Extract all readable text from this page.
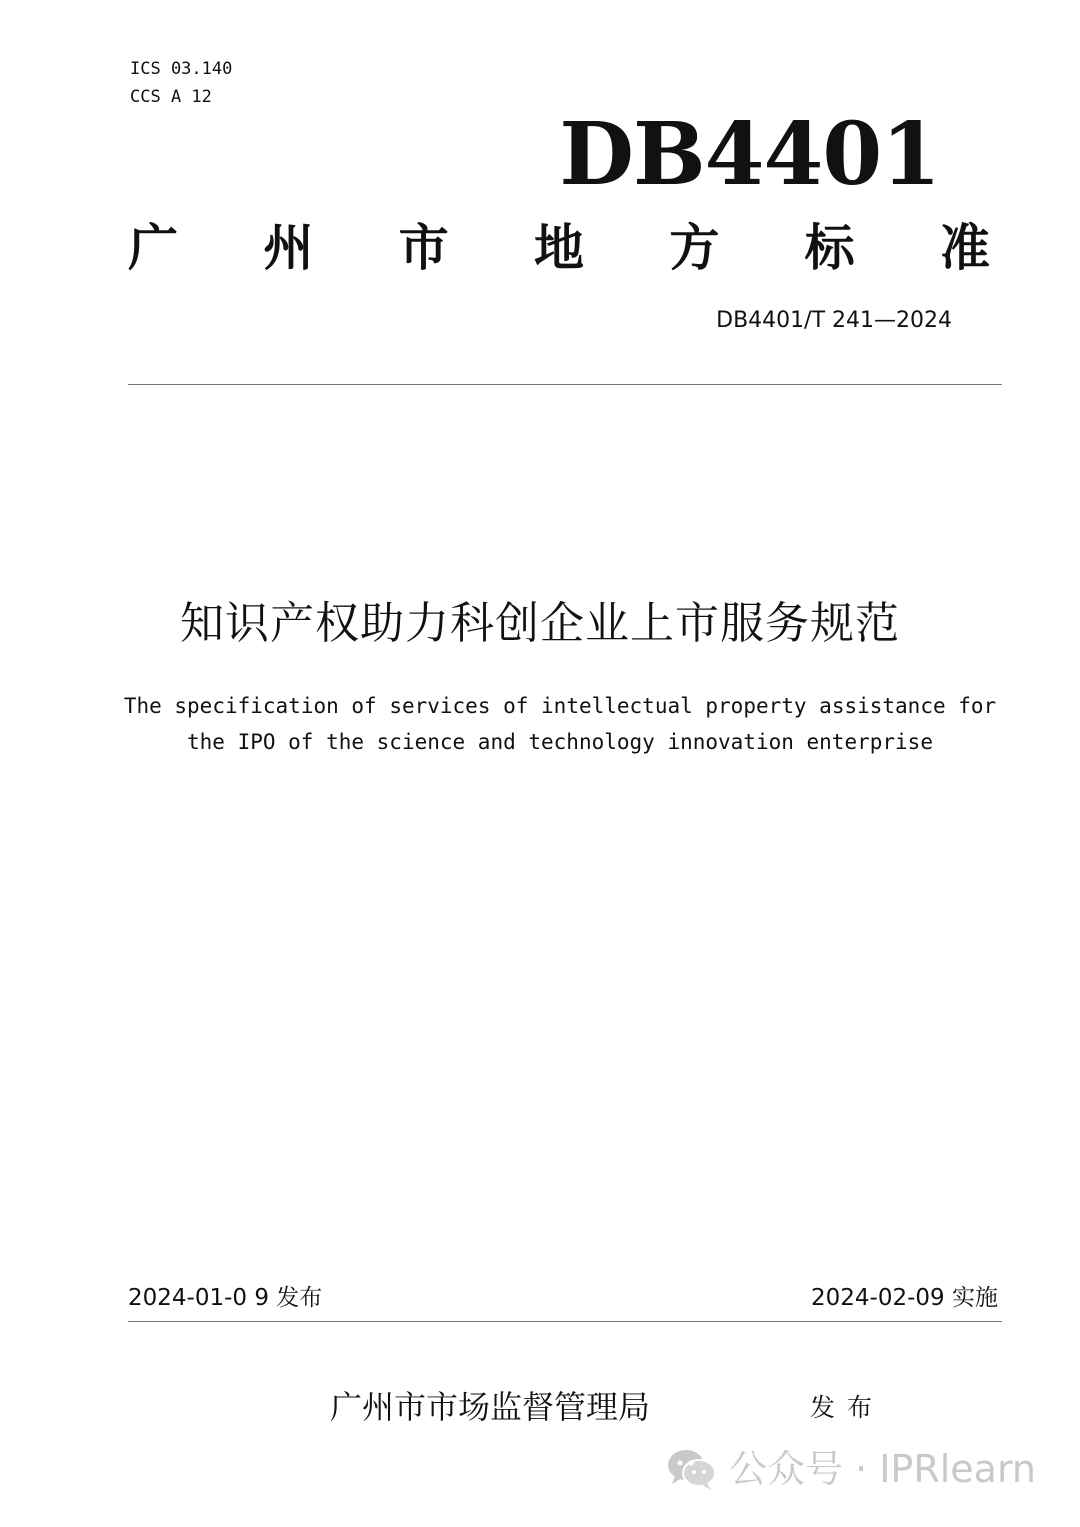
ICS 03.140
CCS A 12
DB4401
广 州 市 地 方 标 准
DB4401/T 241—2024
知识产权助力科创企业上市服务规范
The specification of services of intellectual property assistance for
the IPO of the science and technology innovation enterprise
2024-01-0 9 发布	2024-02-09 实施
广州市市场监督管理局	发布
公众号 · IPRlearn
